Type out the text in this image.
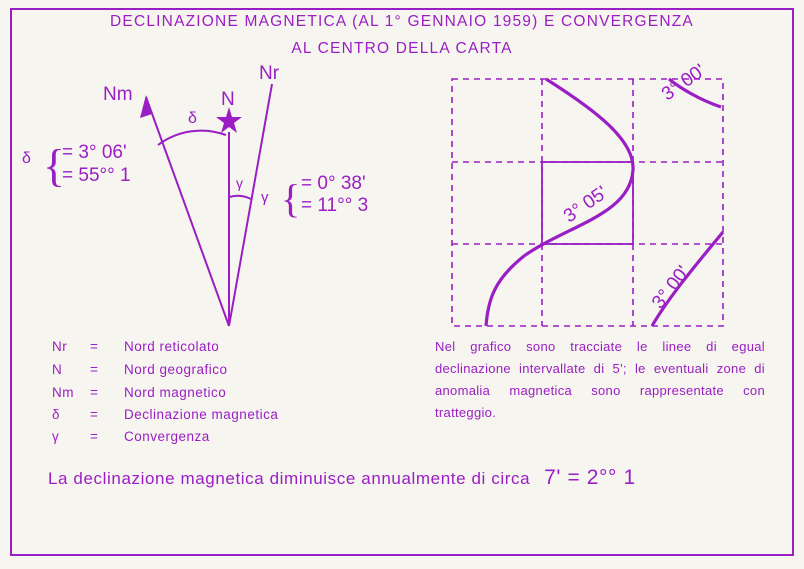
DECLINAZIONE MAGNETICA (AL 1° GENNAIO 1959) E CONVERGENZA
AL CENTRO DELLA CARTA
{
{
Nm	N
Nr
δ
γ
δ = 3° 06'
= 55°° 1
γ
= 0° 38'
= 11°° 3
3° 00'
3° 05'
3° 00'
Nr = Nord reticolato
N = Nord geografico
Nm = Nord magnetico
δ = Declinazione magnetica
γ = Convergenza
Nel grafico sono tracciate le linee di egual declinazione intervallate di 5'; le eventuali zone di anomalia magnetica sono rappresentate con tratteggio.
La declinazione magnetica diminuisce annualmente di circa 7' = 2°° 1
